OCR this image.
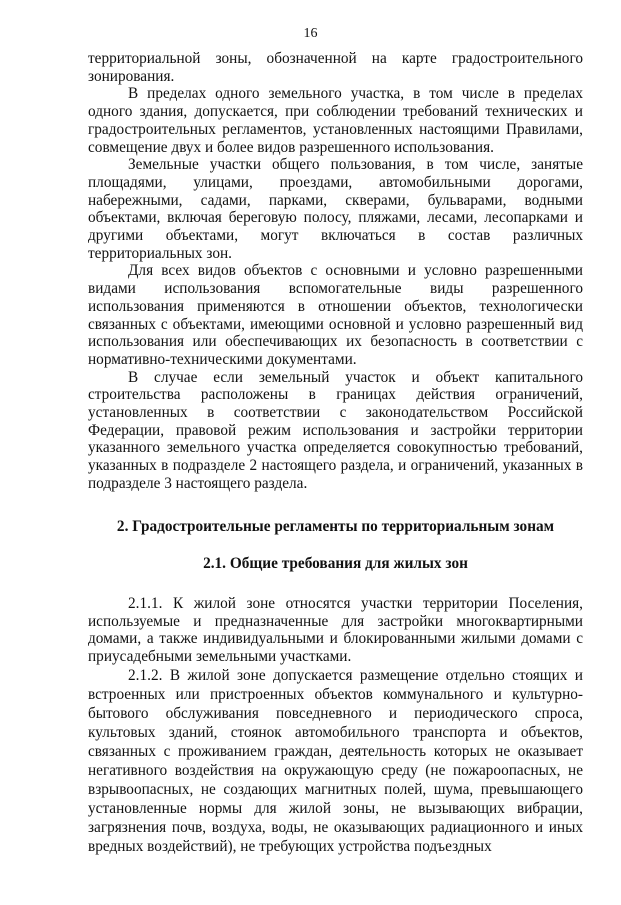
16

территориальной зоны, обозначенной на карте градостроительного зонирования.

В пределах одного земельного участка, в том числе в пределах одного здания, допускается, при соблюдении требований технических и градостроительных регламентов, установленных настоящими Правилами, совмещение двух и более видов разрешенного использования.

Земельные участки общего пользования, в том числе, занятые площадями, улицами, проездами, автомобильными дорогами, набережными, садами, парками, скверами, бульварами, водными объектами, включая береговую полосу, пляжами, лесами, лесопарками и другими объектами, могут включаться в состав различных территориальных зон.

Для всех видов объектов с основными и условно разрешенными видами использования вспомогательные виды разрешенного использования применяются в отношении объектов, технологически связанных с объектами, имеющими основной и условно разрешенный вид использования или обеспечивающих их безопасность в соответствии с нормативно-техническими документами.

В случае если земельный участок и объект капитального строительства расположены в границах действия ограничений, установленных в соответствии с законодательством Российской Федерации, правовой режим использования и застройки территории указанного земельного участка определяется совокупностью требований, указанных в подразделе 2 настоящего раздела, и ограничений, указанных в подразделе 3 настоящего раздела.

2. Градостроительные регламенты по территориальным зонам
2.1. Общие требования для жилых зон

2.1.1. К жилой зоне относятся участки территории Поселения, используемые и предназначенные для застройки многоквартирными домами, а также индивидуальными и блокированными жилыми домами с приусадебными земельными участками.

2.1.2. В жилой зоне допускается размещение отдельно стоящих и встроенных или пристроенных объектов коммунального и культурно-бытового обслуживания повседневного и периодического спроса, культовых зданий, стоянок автомобильного транспорта и объектов, связанных с проживанием граждан, деятельность которых не оказывает негативного воздействия на окружающую среду (не пожароопасных, не взрывоопасных, не создающих магнитных полей, шума, превышающего установленные нормы для жилой зоны, не вызывающих вибрации, загрязнения почв, воздуха, воды, не оказывающих радиационного и иных вредных воздействий), не требующих устройства подъездных
